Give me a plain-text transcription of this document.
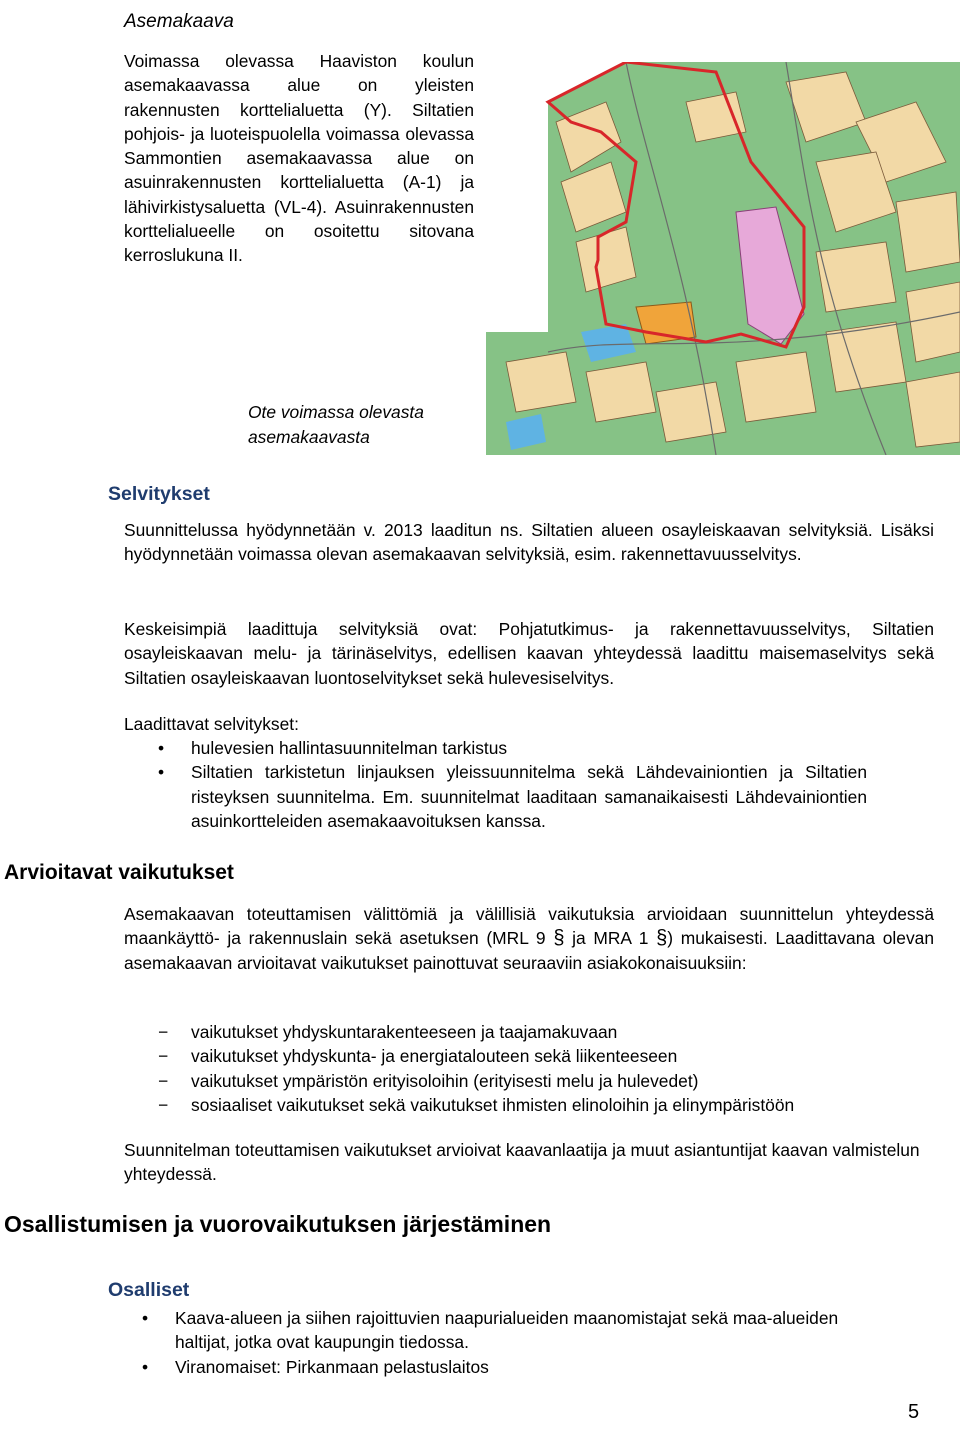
Asemakaava

Voimassa olevassa Haaviston koulun asemakaavassa alue on yleisten rakennusten korttelialuetta (Y). Siltatien pohjois- ja luoteispuolella voimassa olevassa Sammontien asemakaavassa alue on asuinrakennusten korttelialuetta (A-1) ja lähivirkistysaluetta (VL-4). Asuinrakennusten korttelialueelle on osoitettu sitovana kerroslukuna II.

Ote voimassa olevasta
asemakaavasta
Selvitykset

Suunnittelussa hyödynnetään v. 2013 laaditun ns. Siltatien alueen osayleiskaavan selvityksiä. Lisäksi hyödynnetään voimassa olevan asemakaavan selvityksiä, esim. rakennettavuusselvitys.

Keskeisimpiä laadittuja selvityksiä ovat: Pohjatutkimus- ja rakennettavuusselvitys, Siltatien osayleiskaavan melu- ja tärinäselvitys, edellisen kaavan yhteydessä laadittu maisemaselvitys sekä Siltatien osayleiskaavan luontoselvitykset sekä hulevesiselvitys.

Laadittavat selvitykset:

• hulevesien hallintasuunnitelman tarkistus
• Siltatien tarkistetun linjauksen yleissuunnitelma sekä Lähdevainiontien ja Siltatien risteyksen suunnitelma. Em. suunnitelmat laaditaan samanaikaisesti Lähdevainiontien asuinkortteleiden asemakaavoituksen kanssa.
Arvioitavat vaikutukset

Asemakaavan toteuttamisen välittömiä ja välillisiä vaikutuksia arvioidaan suunnittelun yhteydessä maankäyttö- ja rakennuslain sekä asetuksen (MRL 9 § ja MRA 1 §) mukaisesti. Laadittavana olevan asemakaavan arvioitavat vaikutukset painottuvat seuraaviin asiakokonaisuuksiin:

− vaikutukset yhdyskuntarakenteeseen ja taajamakuvaan
− vaikutukset yhdyskunta- ja energiatalouteen sekä liikenteeseen
− vaikutukset ympäristön erityisoloihin (erityisesti melu ja hulevedet)
− sosiaaliset vaikutukset sekä vaikutukset ihmisten elinoloihin ja elinympäristöön

Suunnitelman toteuttamisen vaikutukset arvioivat kaavanlaatija ja muut asiantuntijat kaavan valmistelun yhteydessä.

Osallistumisen ja vuorovaikutuksen järjestäminen
Osalliset
• Kaava-alueen ja siihen rajoittuvien naapurialueiden maanomistajat sekä maa-alueiden haltijat, jotka ovat kaupungin tiedossa.
• Viranomaiset: Pirkanmaan pelastuslaitos
5
